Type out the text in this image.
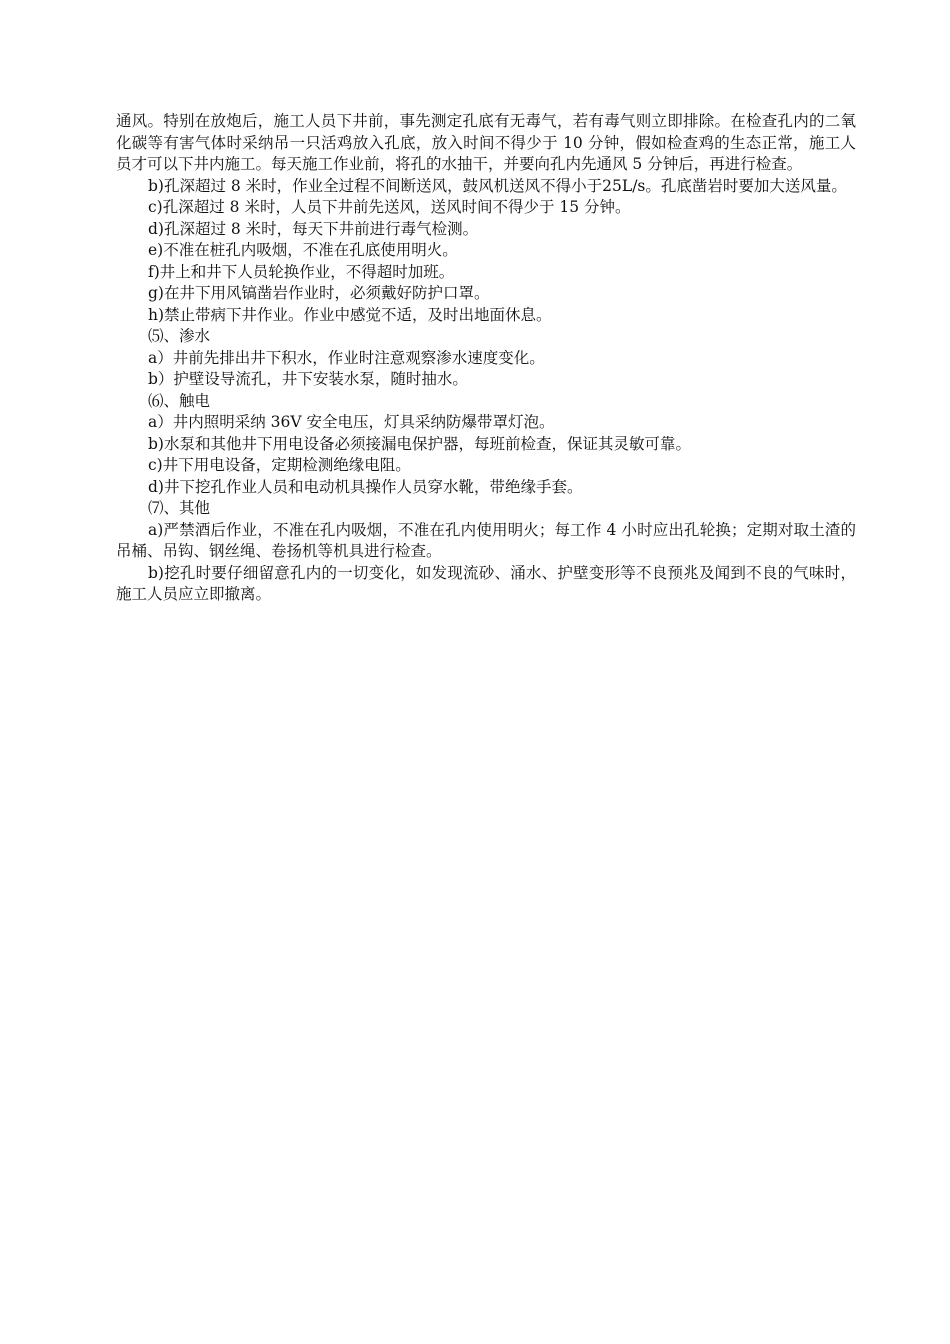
通风。特别在放炮后，施工人员下井前，事先测定孔底有无毒气，若有毒气则立即排除。在检查孔内的二氧化碳等有害气体时采纳吊一只活鸡放入孔底，放入时间不得少于 10 分钟，假如检查鸡的生态正常，施工人员才可以下井内施工。每天施工作业前，将孔的水抽干，并要向孔内先通风 5 分钟后，再进行检查。

b)孔深超过 8 米时，作业全过程不间断送风，鼓风机送风不得小于25L/s。孔底凿岩时要加大送风量。

c)孔深超过 8 米时，人员下井前先送风，送风时间不得少于 15 分钟。

d)孔深超过 8 米时，每天下井前进行毒气检测。

e)不准在桩孔内吸烟，不准在孔底使用明火。

f)井上和井下人员轮换作业，不得超时加班。

g)在井下用风镐凿岩作业时，必须戴好防护口罩。

h)禁止带病下井作业。作业中感觉不适，及时出地面休息。

⑸、渗水

a）井前先排出井下积水，作业时注意观察渗水速度变化。

b）护壁设导流孔，井下安装水泵，随时抽水。

⑹、触电

a）井内照明采纳 36V 安全电压，灯具采纳防爆带罩灯泡。

b)水泵和其他井下用电设备必须接漏电保护器，每班前检查，保证其灵敏可靠。

c)井下用电设备，定期检测绝缘电阻。

d)井下挖孔作业人员和电动机具操作人员穿水靴，带绝缘手套。

⑺、其他

a)严禁酒后作业，不准在孔内吸烟，不准在孔内使用明火；每工作 4 小时应出孔轮换；定期对取土渣的吊桶、吊钩、钢丝绳、卷扬机等机具进行检查。

b)挖孔时要仔细留意孔内的一切变化，如发现流砂、涌水、护壁变形等不良预兆及闻到不良的气味时，施工人员应立即撤离。
